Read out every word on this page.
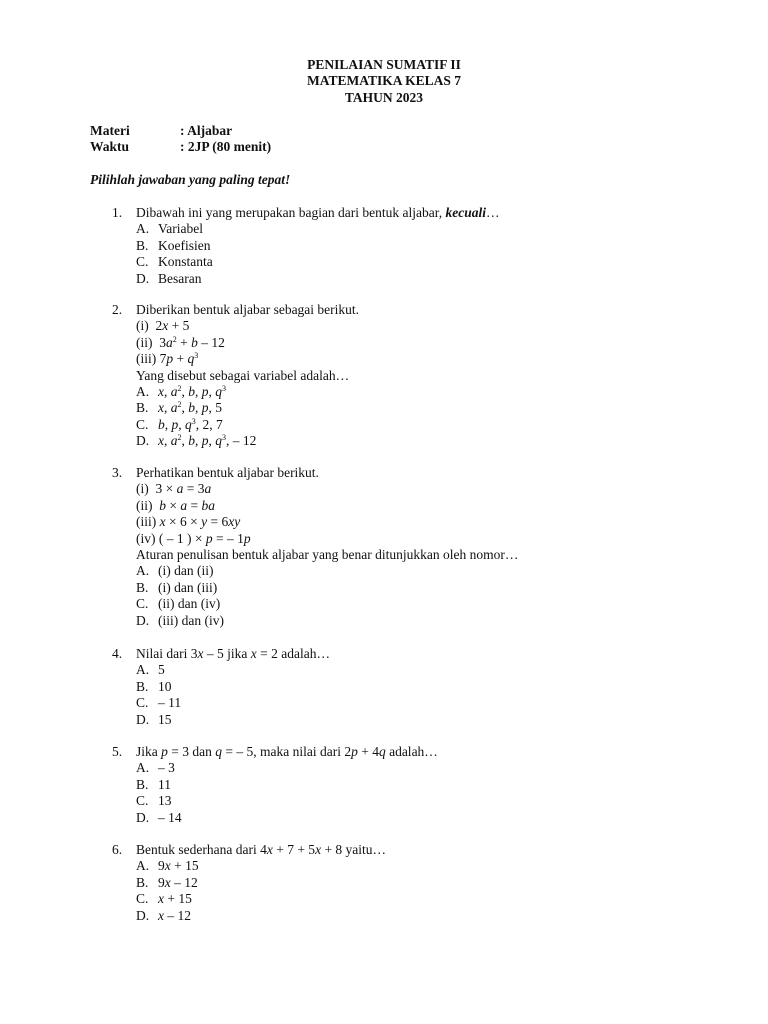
PENILAIAN SUMATIF II
MATEMATIKA KELAS 7
TAHUN 2023
Materi	: Aljabar
Waktu	: 2JP (80 menit)
Pilihlah jawaban yang paling tepat!
1.	Dibawah ini yang merupakan bagian dari bentuk aljabar, kecuali…
A. Variabel
B. Koefisien
C. Konstanta
D. Besaran
2.	Diberikan bentuk aljabar sebagai berikut.
(i)  2x + 5
(ii)  $3a^2 + b - 12$
(iii) $7p + q^3$
Yang disebut sebagai variabel adalah…
A. x, $a^2$, b, p, $q^3$
B. x, $a^2$, b, p, 5
C. b, p, $q^3$, 2, 7
D. x, $a^2$, b, p, $q^3$, – 12
3.	Perhatikan bentuk aljabar berikut.
(i)  3 × a = 3a
(ii) b × a = ba
(iii) x × 6 × y = 6xy
(iv) ( – 1 ) × p = – 1p
Aturan penulisan bentuk aljabar yang benar ditunjukkan oleh nomor…
A. (i) dan (ii)
B. (i) dan (iii)
C. (ii) dan (iv)
D. (iii) dan (iv)
4.	Nilai dari 3x – 5 jika x = 2 adalah…
A. 5
B. 10
C. – 11
D. 15
5.	Jika p = 3 dan q = – 5, maka nilai dari 2p + 4q adalah…
A. – 3
B. 11
C. 13
D. – 14
6.	Bentuk sederhana dari 4x + 7 + 5x + 8 yaitu…
A. 9x + 15
B. 9x – 12
C. x + 15
D. x – 12
